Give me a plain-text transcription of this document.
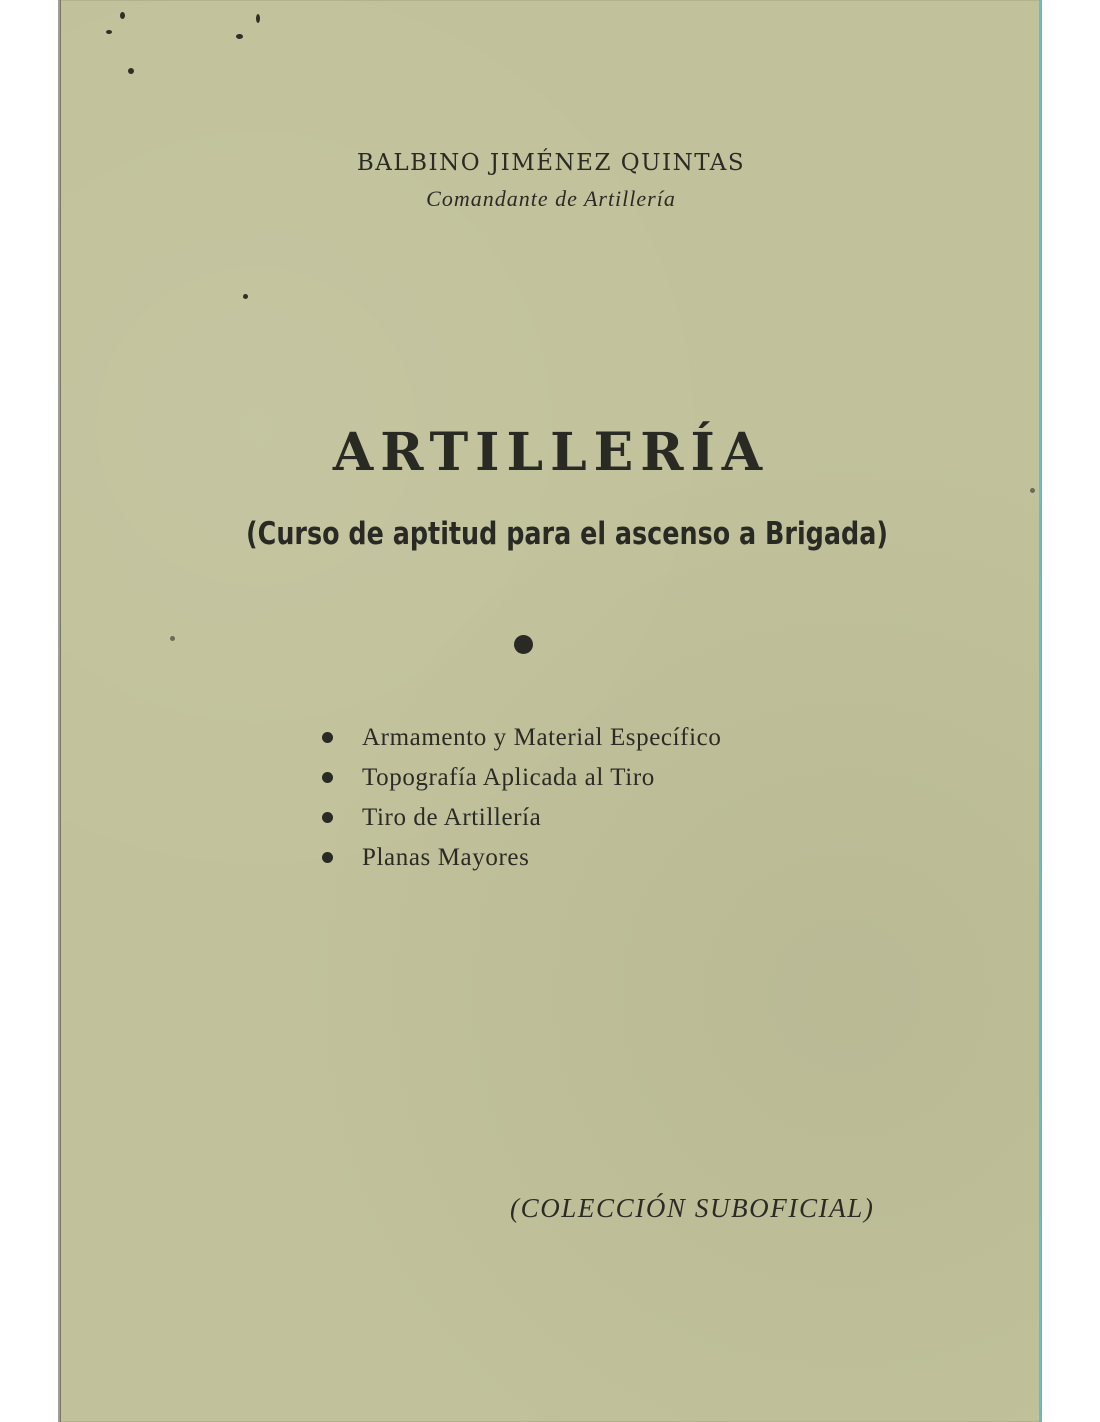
BALBINO JIMÉNEZ QUINTAS
Comandante de Artillería
ARTILLERÍA
(Curso de aptitud para el ascenso a Brigada)
Armamento y Material Específico
Topografía Aplicada al Tiro
Tiro de Artillería
Planas Mayores
(COLECCIÓN SUBOFICIAL)
